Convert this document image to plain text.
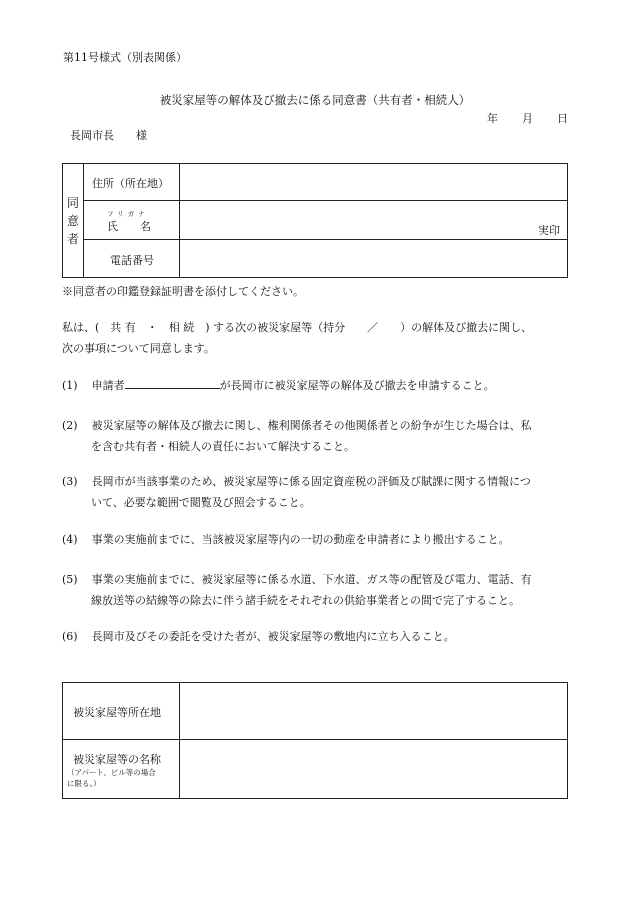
第11号様式（別表関係）
被災家屋等の解体及び撤去に係る同意書（共有者・相続人）
年 月 日
長岡市長　　様
同
意
者
住所（所在地）
フリガナ
氏　　名	実印
電話番号
※同意者の印鑑登録証明書を添付してください。
私は、(　共 有　・　相 続　) する次の被災家屋等（持分　　／　　）の解体及び撤去に関し、
次の事項について同意します。
(1) 申請者	が長岡市に被災家屋等の解体及び撤去を申請すること。
(2) 被災家屋等の解体及び撤去に関し、権利関係者その他関係者との紛争が生じた場合は、私
を含む共有者・相続人の責任において解決すること。
(3) 長岡市が当該事業のため、被災家屋等に係る固定資産税の評価及び賦課に関する情報につ
いて、必要な範囲で閲覧及び照会すること。
(4) 事業の実施前までに、当該被災家屋等内の一切の動産を申請者により搬出すること。
(5) 事業の実施前までに、被災家屋等に係る水道、下水道、ガス等の配管及び電力、電話、有
線放送等の結線等の除去に伴う諸手続をそれぞれの供給事業者との間で完了すること。
(6) 長岡市及びその委託を受けた者が、被災家屋等の敷地内に立ち入ること。
被災家屋等所在地
被災家屋等の名称
（アパート、ビル等の場合
に限る。）
